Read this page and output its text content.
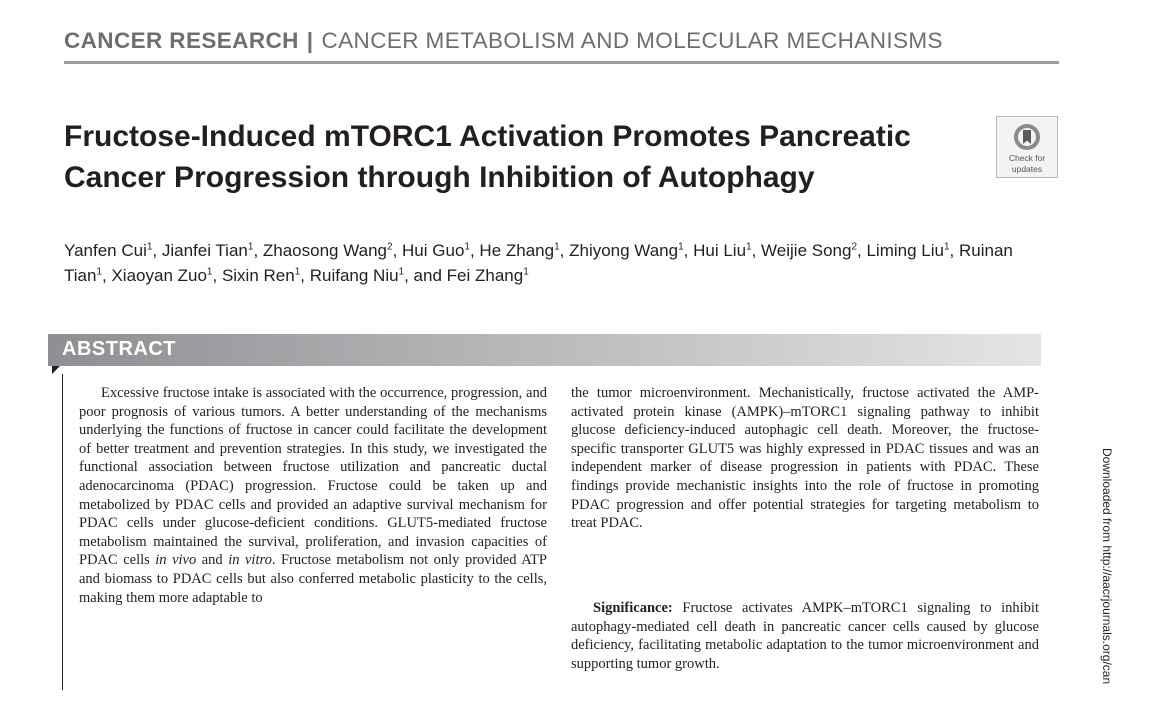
CANCER RESEARCH | CANCER METABOLISM AND MOLECULAR MECHANISMS
Fructose-Induced mTORC1 Activation Promotes Pancreatic Cancer Progression through Inhibition of Autophagy
Check for
updates

Yanfen Cui$^1$, Jianfei Tian$^1$, Zhaosong Wang$^2$, Hui Guo$^1$, He Zhang$^1$, Zhiyong Wang$^1$, Hui Liu$^1$, Weijie Song$^2$, Liming Liu$^1$, Ruinan Tian$^1$, Xiaoyan Zuo$^1$, Sixin Ren$^1$, Ruifang Niu$^1$, and Fei Zhang$^1$

ABSTRACT

Excessive fructose intake is associated with the occurrence, progression, and poor prognosis of various tumors. A better understanding of the mechanisms underlying the functions of fructose in cancer could facilitate the development of better treatment and prevention strategies. In this study, we investigated the functional association between fructose utilization and pancreatic ductal adenocarcinoma (PDAC) progression. Fructose could be taken up and metabolized by PDAC cells and provided an adaptive survival mechanism for PDAC cells under glucose-deficient conditions. GLUT5-mediated fructose metabolism maintained the survival, proliferation, and invasion capacities of PDAC cells in vivo and in vitro. Fructose metabolism not only provided ATP and biomass to PDAC cells but also conferred metabolic plasticity to the cells, making them more adaptable to

the tumor microenvironment. Mechanistically, fructose activated the AMP-activated protein kinase (AMPK)–mTORC1 signaling pathway to inhibit glucose deficiency-induced autophagic cell death. Moreover, the fructose-specific transporter GLUT5 was highly expressed in PDAC tissues and was an independent marker of disease progression in patients with PDAC. These findings provide mechanistic insights into the role of fructose in promoting PDAC progression and offer potential strategies for targeting metabolism to treat PDAC.

Significance: Fructose activates AMPK–mTORC1 signaling to inhibit autophagy-mediated cell death in pancreatic cancer cells caused by glucose deficiency, facilitating metabolic adaptation to the tumor microenvironment and supporting tumor growth.	Downloaded from http://aacrjournals.org/can
